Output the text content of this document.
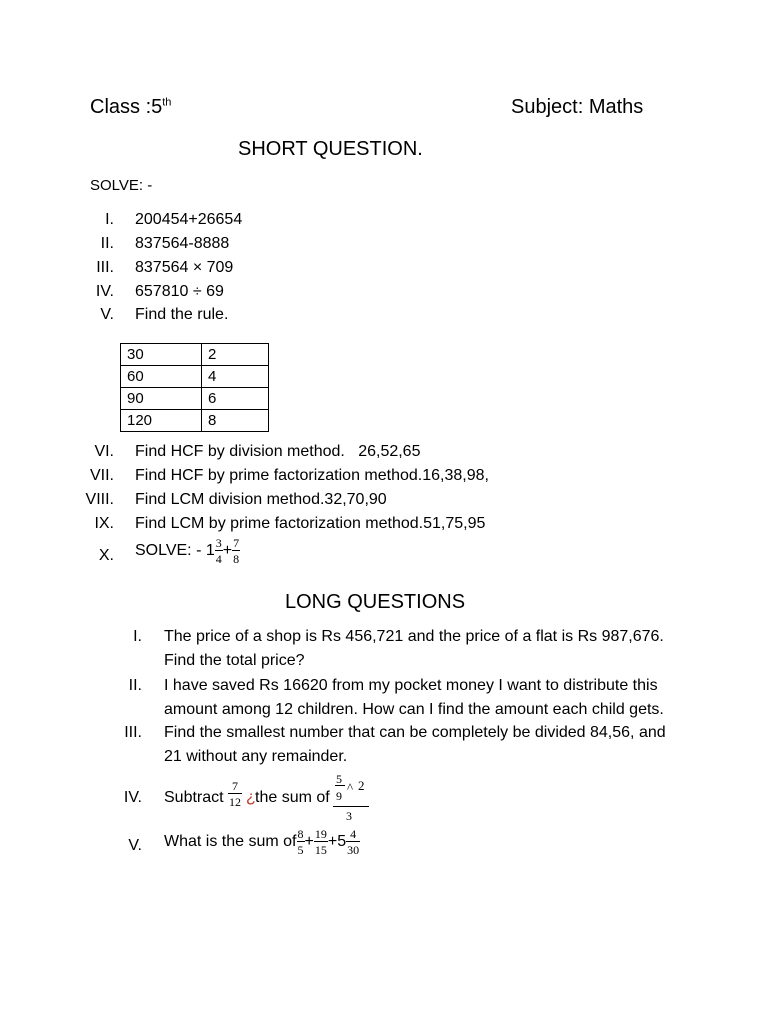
Class :5th	Subject: Maths
SHORT QUESTION.
SOLVE: -
I. 200454+26654
II. 837564-8888
III. 837564 × 709
IV. 657810 ÷ 69
V. Find the rule.
30	2
60	4
90	6
120	8
VI. Find HCF by division method.   26,52,65
VII. Find HCF by prime factorization method.16,38,98,
VIII. Find LCM division method.32,70,90
IX. Find LCM by prime factorization method.51,75,95
X. SOLVE: - $1 \frac{3}{4} + \frac{7}{8}$
LONG QUESTIONS
I. The price of a shop is Rs 456,721 and the price of a flat is Rs 987,676.
Find the total price?
II. I have saved Rs 16620 from my pocket money I want to distribute this
amount among 12 children. How can I find the amount each child gets.
III. Find the smallest number that can be completely be divided 84,56, and
21 without any remainder.
IV. Subtract $\frac{7}{12}$ ¿ the sum of
5
9
^ 2
3
V. What is the sum of $\frac{8}{5} + \frac{19}{15} +5 \frac{4}{30}$
